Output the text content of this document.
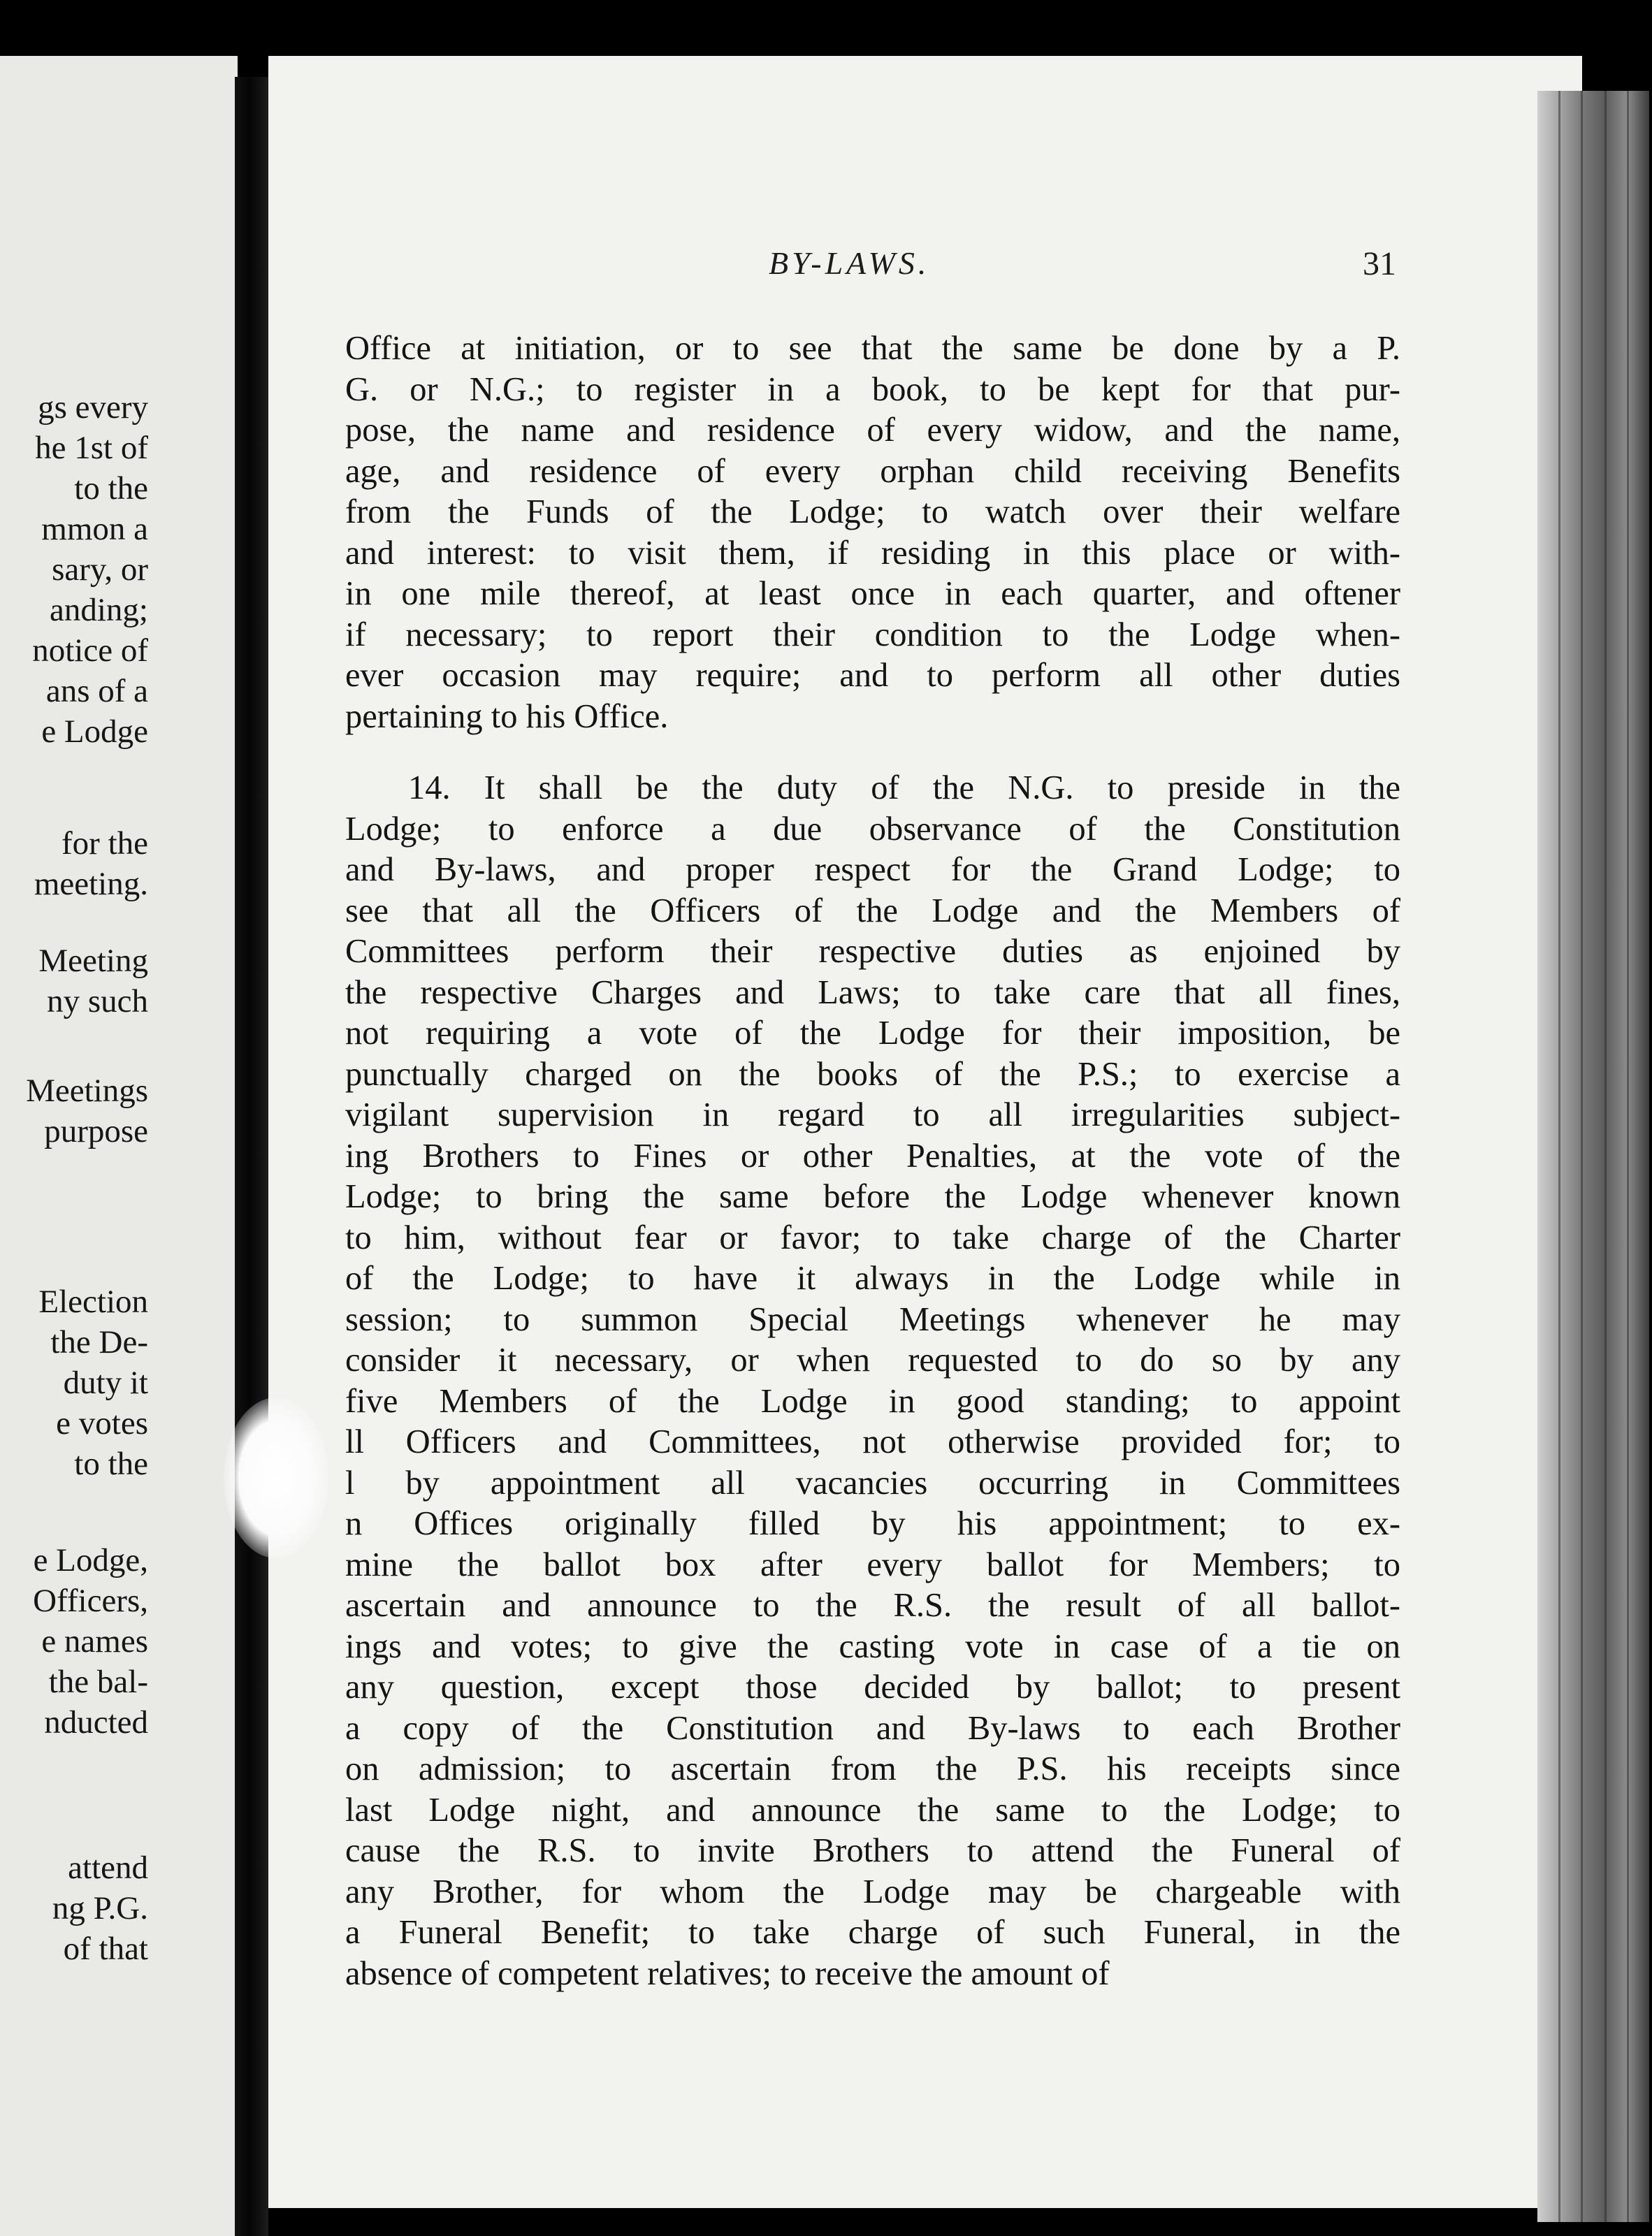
gs every
he 1st of
to the
mmon a
sary, or
anding;
notice of
ans of a
e Lodge
for the
meeting.
Meeting
ny such
Meetings
purpose
Election
the De-
duty it
e votes
to the
e Lodge,
Officers,
e names
the bal-
nducted
attend
ng P.G.
of that
BY-LAWS.	31
Office at initiation, or to see that the same be done by a P.
G. or N.G.; to register in a book, to be kept for that pur-
pose, the name and residence of every widow, and the name,
age, and residence of every orphan child receiving Benefits
from the Funds of the Lodge; to watch over their welfare
and interest: to visit them, if residing in this place or with-
in one mile thereof, at least once in each quarter, and oftener
if necessary; to report their condition to the Lodge when-
ever occasion may require; and to perform all other duties
pertaining to his Office.
14. It shall be the duty of the N.G. to preside in the
Lodge; to enforce a due observance of the Constitution
and By-laws, and proper respect for the Grand Lodge; to
see that all the Officers of the Lodge and the Members of
Committees perform their respective duties as enjoined by
the respective Charges and Laws; to take care that all fines,
not requiring a vote of the Lodge for their imposition, be
punctually charged on the books of the P.S.; to exercise a
vigilant supervision in regard to all irregularities subject-
ing Brothers to Fines or other Penalties, at the vote of the
Lodge; to bring the same before the Lodge whenever known
to him, without fear or favor; to take charge of the Charter
of the Lodge; to have it always in the Lodge while in
session; to summon Special Meetings whenever he may
consider it necessary, or when requested to do so by any
five Members of the Lodge in good standing; to appoint
ll Officers and Committees, not otherwise provided for; to
l by appointment all vacancies occurring in Committees
n Offices originally filled by his appointment; to ex-
mine the ballot box after every ballot for Members; to
ascertain and announce to the R.S. the result of all ballot-
ings and votes; to give the casting vote in case of a tie on
any question, except those decided by ballot; to present
a copy of the Constitution and By-laws to each Brother
on admission; to ascertain from the P.S. his receipts since
last Lodge night, and announce the same to the Lodge; to
cause the R.S. to invite Brothers to attend the Funeral of
any Brother, for whom the Lodge may be chargeable with
a Funeral Benefit; to take charge of such Funeral, in the
absence of competent relatives; to receive the amount of
